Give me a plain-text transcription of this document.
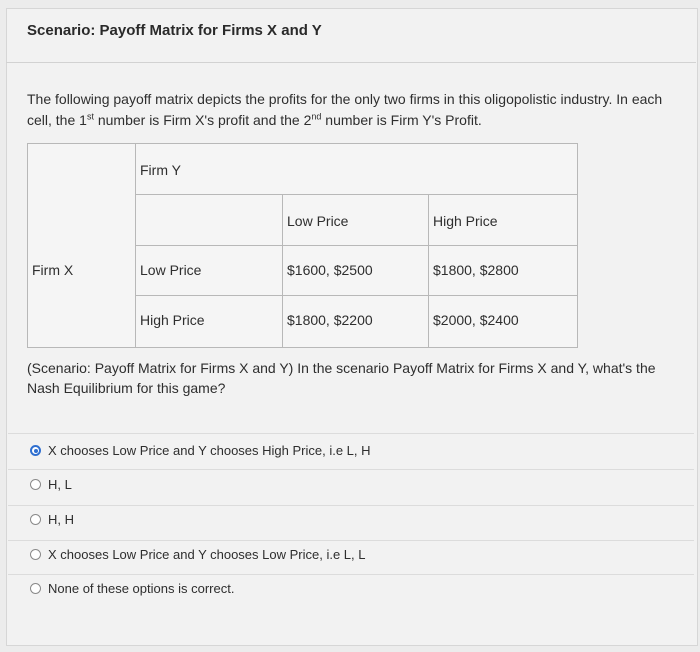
Scenario: Payoff Matrix for Firms X and Y
The following payoff matrix depicts the profits for the only two firms in this oligopolistic industry. In each cell, the 1st number is Firm X's profit and the 2nd number is Firm Y's Profit.
Firm X
Firm Y
Low Price	High Price
Low Price	$1600, $2500	$1800, $2800
High Price	$1800, $2200	$2000, $2400
(Scenario: Payoff Matrix for Firms X and Y) In the scenario Payoff Matrix for Firms X and Y, what's the Nash Equilibrium for this game?
X chooses Low Price and Y chooses High Price, i.e L, H
H, L
H, H
X chooses Low Price and Y chooses Low Price, i.e L, L
None of these options is correct.
